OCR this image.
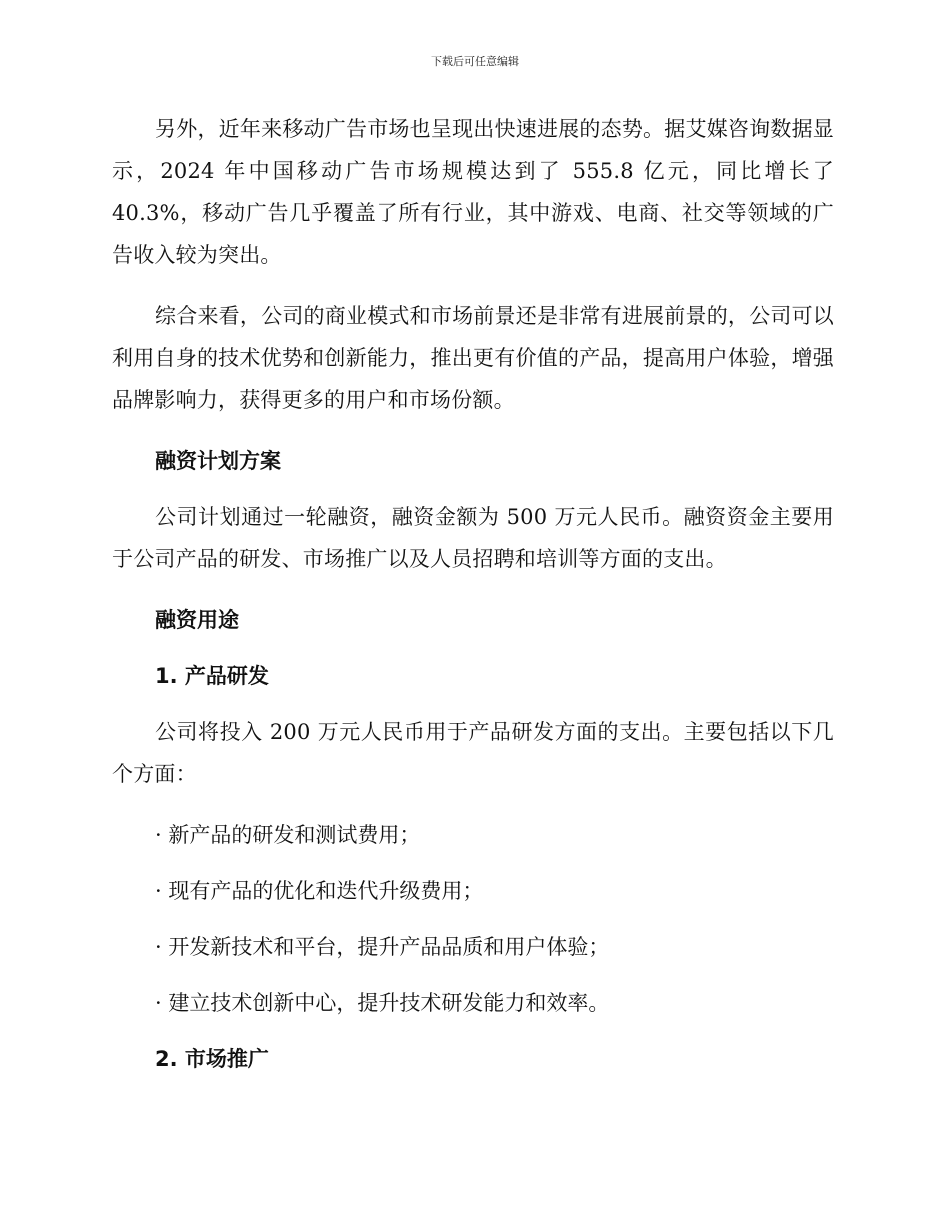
下载后可任意编辑

另外，近年来移动广告市场也呈现出快速进展的态势。据艾媒咨询数据显示，2024 年中国移动广告市场规模达到了 555.8 亿元，同比增长了 40.3%，移动广告几乎覆盖了所有行业，其中游戏、电商、社交等领域的广告收入较为突出。

综合来看，公司的商业模式和市场前景还是非常有进展前景的，公司可以利用自身的技术优势和创新能力，推出更有价值的产品，提高用户体验，增强品牌影响力，获得更多的用户和市场份额。

融资计划方案

公司计划通过一轮融资，融资金额为 500 万元人民币。融资资金主要用于公司产品的研发、市场推广以及人员招聘和培训等方面的支出。

融资用途
1. 产品研发

公司将投入 200 万元人民币用于产品研发方面的支出。主要包括以下几个方面：

· 新产品的研发和测试费用；
· 现有产品的优化和迭代升级费用；
· 开发新技术和平台，提升产品品质和用户体验；
· 建立技术创新中心，提升技术研发能力和效率。
2. 市场推广
